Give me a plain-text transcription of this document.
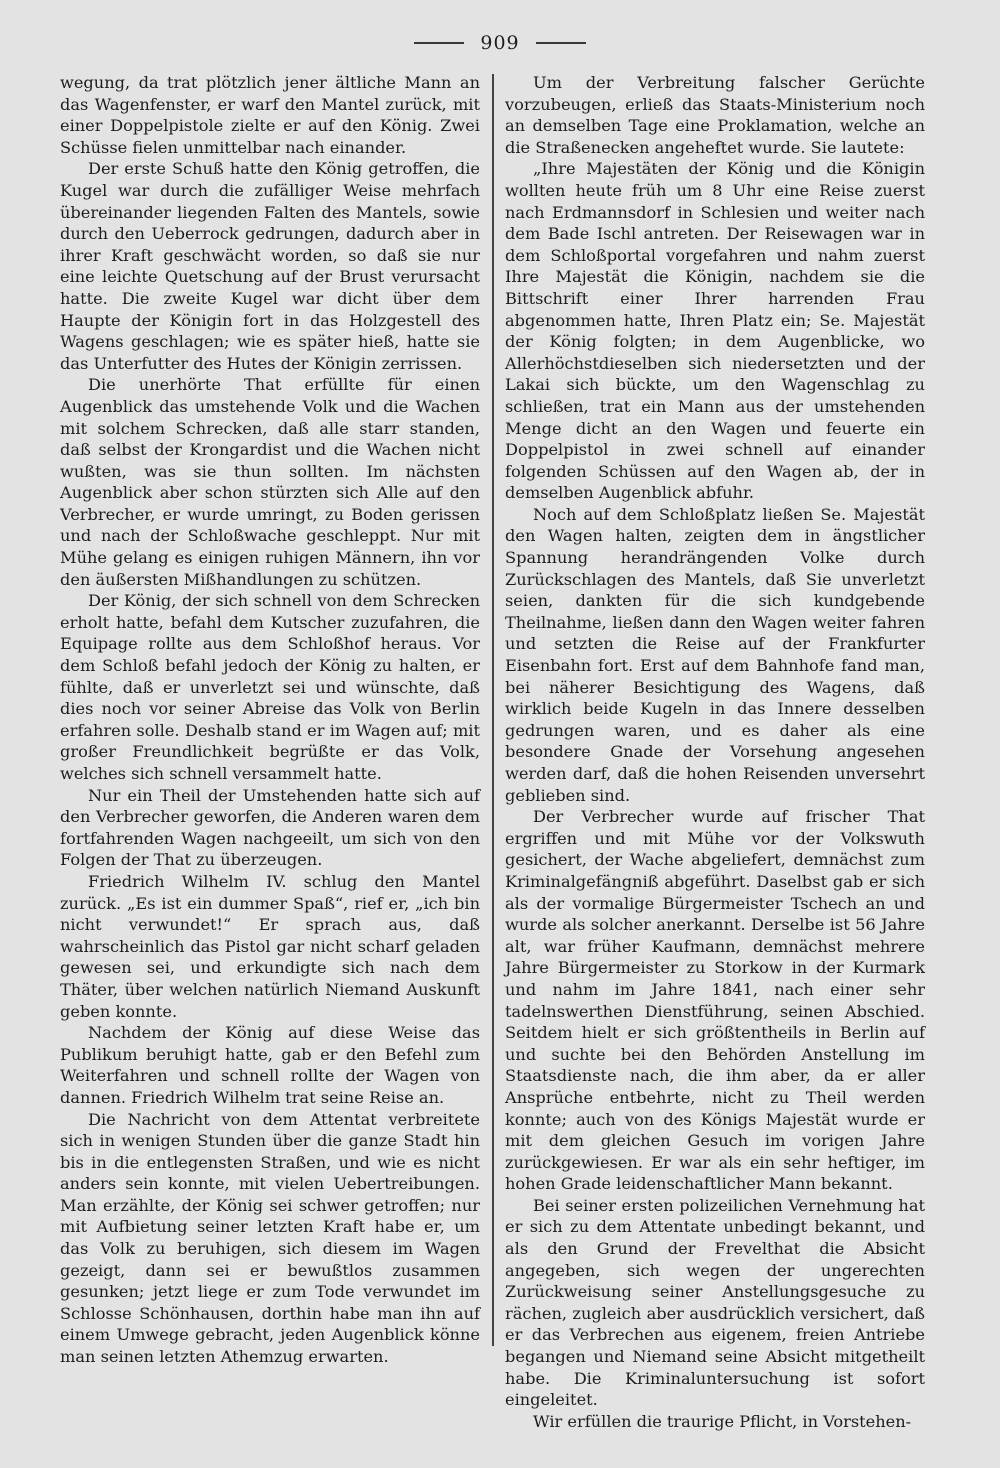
909

wegung, da trat plötzlich jener ältliche Mann an das Wagenfenster, er warf den Mantel zurück, mit einer Doppelpistole zielte er auf den König. Zwei Schüsse fielen unmittelbar nach einander.

Der erste Schuß hatte den König getroffen, die Kugel war durch die zufälliger Weise mehrfach übereinander liegenden Falten des Mantels, sowie durch den Ueberrock gedrungen, dadurch aber in ihrer Kraft geschwächt worden, so daß sie nur eine leichte Quetschung auf der Brust verursacht hatte. Die zweite Kugel war dicht über dem Haupte der Königin fort in das Holzgestell des Wagens geschlagen; wie es später hieß, hatte sie das Unterfutter des Hutes der Königin zerrissen.

Die unerhörte That erfüllte für einen Augenblick das umstehende Volk und die Wachen mit solchem Schrecken, daß alle starr standen, daß selbst der Krongardist und die Wachen nicht wußten, was sie thun sollten. Im nächsten Augenblick aber schon stürzten sich Alle auf den Verbrecher, er wurde umringt, zu Boden gerissen und nach der Schloßwache geschleppt. Nur mit Mühe gelang es einigen ruhigen Männern, ihn vor den äußersten Mißhandlungen zu schützen.

Der König, der sich schnell von dem Schrecken erholt hatte, befahl dem Kutscher zuzufahren, die Equipage rollte aus dem Schloßhof heraus. Vor dem Schloß befahl jedoch der König zu halten, er fühlte, daß er unverletzt sei und wünschte, daß dies noch vor seiner Abreise das Volk von Berlin erfahren solle. Deshalb stand er im Wagen auf; mit großer Freundlichkeit begrüßte er das Volk, welches sich schnell versammelt hatte.

Nur ein Theil der Umstehenden hatte sich auf den Verbrecher geworfen, die Anderen waren dem fortfahrenden Wagen nachgeeilt, um sich von den Folgen der That zu überzeugen.

Friedrich Wilhelm IV. schlug den Mantel zurück. „Es ist ein dummer Spaß“, rief er, „ich bin nicht verwundet!“ Er sprach aus, daß wahrscheinlich das Pistol gar nicht scharf geladen gewesen sei, und erkundigte sich nach dem Thäter, über welchen natürlich Niemand Auskunft geben konnte.

Nachdem der König auf diese Weise das Publikum beruhigt hatte, gab er den Befehl zum Weiterfahren und schnell rollte der Wagen von dannen. Friedrich Wilhelm trat seine Reise an.

Die Nachricht von dem Attentat verbreitete sich in wenigen Stunden über die ganze Stadt hin bis in die entlegensten Straßen, und wie es nicht anders sein konnte, mit vielen Uebertreibungen. Man erzählte, der König sei schwer getroffen; nur mit Aufbietung seiner letzten Kraft habe er, um das Volk zu beruhigen, sich diesem im Wagen gezeigt, dann sei er bewußtlos zusammen gesunken; jetzt liege er zum Tode verwundet im Schlosse Schönhausen, dorthin habe man ihn auf einem Umwege gebracht, jeden Augenblick könne man seinen letzten Athemzug erwarten.

Um der Verbreitung falscher Gerüchte vorzubeugen, erließ das Staats-Ministerium noch an demselben Tage eine Proklamation, welche an die Straßenecken angeheftet wurde. Sie lautete:

„Ihre Majestäten der König und die Königin wollten heute früh um 8 Uhr eine Reise zuerst nach Erdmannsdorf in Schlesien und weiter nach dem Bade Ischl antreten. Der Reisewagen war in dem Schloßportal vorgefahren und nahm zuerst Ihre Majestät die Königin, nachdem sie die Bittschrift einer Ihrer harrenden Frau abgenommen hatte, Ihren Platz ein; Se. Majestät der König folgten; in dem Augenblicke, wo Allerhöchstdieselben sich niedersetzten und der Lakai sich bückte, um den Wagenschlag zu schließen, trat ein Mann aus der umstehenden Menge dicht an den Wagen und feuerte ein Doppelpistol in zwei schnell auf einander folgenden Schüssen auf den Wagen ab, der in demselben Augenblick abfuhr.

Noch auf dem Schloßplatz ließen Se. Majestät den Wagen halten, zeigten dem in ängstlicher Spannung herandrängenden Volke durch Zurückschlagen des Mantels, daß Sie unverletzt seien, dankten für die sich kundgebende Theilnahme, ließen dann den Wagen weiter fahren und setzten die Reise auf der Frankfurter Eisenbahn fort. Erst auf dem Bahnhofe fand man, bei näherer Besichtigung des Wagens, daß wirklich beide Kugeln in das Innere desselben gedrungen waren, und es daher als eine besondere Gnade der Vorsehung angesehen werden darf, daß die hohen Reisenden unversehrt geblieben sind.

Der Verbrecher wurde auf frischer That ergriffen und mit Mühe vor der Volkswuth gesichert, der Wache abgeliefert, demnächst zum Kriminalgefängniß abgeführt. Daselbst gab er sich als der vormalige Bürgermeister Tschech an und wurde als solcher anerkannt. Derselbe ist 56 Jahre alt, war früher Kaufmann, demnächst mehrere Jahre Bürgermeister zu Storkow in der Kurmark und nahm im Jahre 1841, nach einer sehr tadelnswerthen Dienstführung, seinen Abschied. Seitdem hielt er sich größtentheils in Berlin auf und suchte bei den Behörden Anstellung im Staatsdienste nach, die ihm aber, da er aller Ansprüche entbehrte, nicht zu Theil werden konnte; auch von des Königs Majestät wurde er mit dem gleichen Gesuch im vorigen Jahre zurückgewiesen. Er war als ein sehr heftiger, im hohen Grade leidenschaftlicher Mann bekannt.

Bei seiner ersten polizeilichen Vernehmung hat er sich zu dem Attentate unbedingt bekannt, und als den Grund der Frevelthat die Absicht angegeben, sich wegen der ungerechten Zurückweisung seiner Anstellungsgesuche zu rächen, zugleich aber ausdrücklich versichert, daß er das Verbrechen aus eigenem, freien Antriebe begangen und Niemand seine Absicht mitgetheilt habe. Die Kriminaluntersuchung ist sofort eingeleitet.

Wir erfüllen die traurige Pflicht, in Vorstehen-
